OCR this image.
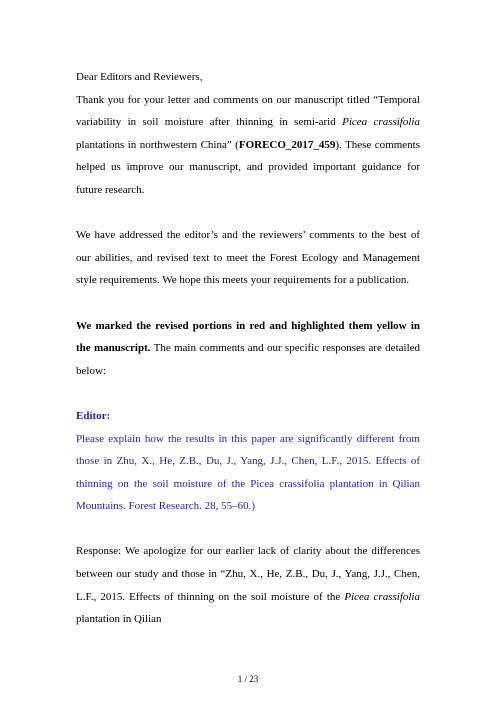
Dear Editors and Reviewers,

Thank you for your letter and comments on our manuscript titled “Temporal variability in soil moisture after thinning in semi-arid Picea crassifolia plantations in northwestern China” (FORECO_2017_459). These comments helped us improve our manuscript, and provided important guidance for future research.

We have addressed the editor’s and the reviewers’ comments to the best of our abilities, and revised text to meet the Forest Ecology and Management style requirements. We hope this meets your requirements for a publication.

We marked the revised portions in red and highlighted them yellow in the manuscript. The main comments and our specific responses are detailed below:

Editor:

Please explain how the results in this paper are significantly different from those in Zhu, X., He, Z.B., Du, J., Yang, J.J., Chen, L.F., 2015. Effects of thinning on the soil moisture of the Picea crassifolia plantation in Qilian Mountains. Forest Research. 28, 55–60.)

Response: We apologize for our earlier lack of clarity about the differences between our study and those in “Zhu, X., He, Z.B., Du, J., Yang, J.J., Chen, L.F., 2015. Effects of thinning on the soil moisture of the Picea crassifolia plantation in Qilian

1 / 23
